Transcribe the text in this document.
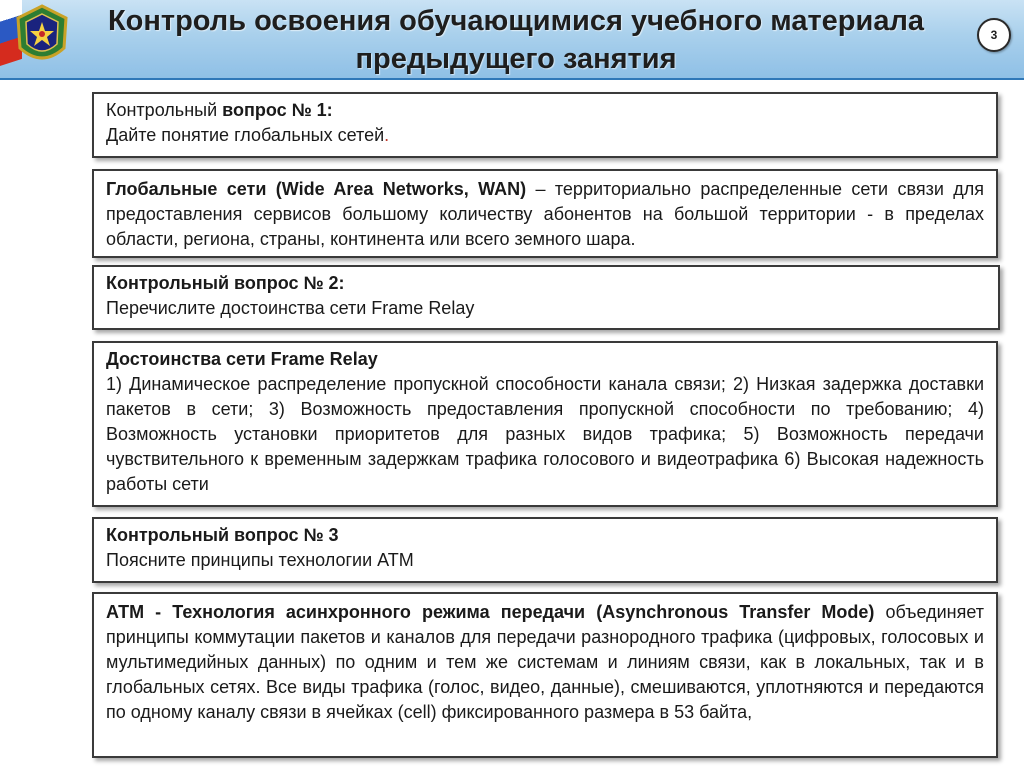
Контроль освоения обучающимися учебного материала
предыдущего занятия
3
Контрольный вопрос № 1:
Дайте понятие глобальных сетей.
Глобальные сети (Wide Area Networks, WAN) – территориально распределенные сети связи для предоставления сервисов большому количеству абонентов на большой территории - в пределах области, региона, страны, континента или всего земного шара.
Контрольный вопрос № 2:
Перечислите достоинства сети Frame Relay
Достоинства сети Frame Relay
1) Динамическое распределение пропускной способности канала связи; 2) Низкая задержка доставки пакетов в сети; 3) Возможность предоставления пропускной способности по требованию; 4) Возможность установки приоритетов для разных видов трафика; 5) Возможность передачи чувствительного к временным задержкам трафика голосового и видеотрафика 6) Высокая надежность работы сети
Контрольный вопрос № 3
Поясните принципы технологии АТМ
АТМ - Технология асинхронного режима передачи (Asynchronous Transfer Mode) объединяет принципы коммутации пакетов и каналов для передачи разнородного трафика (цифровых, голосовых и мультимедийных данных) по одним и тем же системам и линиям связи, как в локальных, так и в глобальных сетях. Все виды трафика (голос, видео, данные), смешиваются, уплотняются и передаются по одному каналу связи в ячейках (cell) фиксированного размера в 53 байта,
